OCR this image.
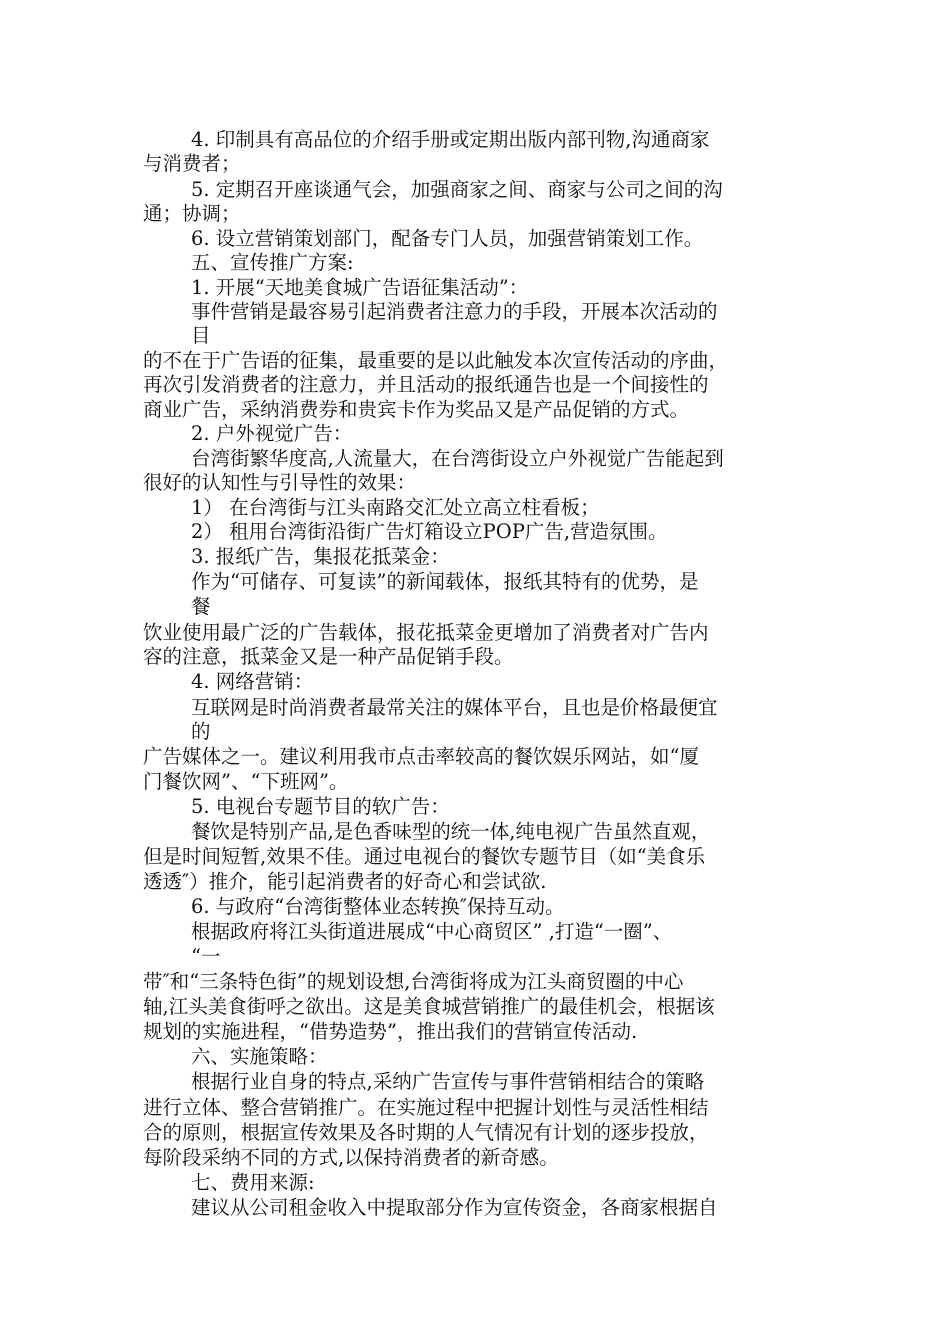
4. 印制具有高品位的介绍手册或定期出版内部刊物,沟通商家

与消费者；

5. 定期召开座谈通气会，加强商家之间、商家与公司之间的沟

通；协调；

6. 设立营销策划部门，配备专门人员，加强营销策划工作。

五、宣传推广方案:

1. 开展“天地美食城广告语征集活动”：

事件营销是最容易引起消费者注意力的手段，开展本次活动的

目

的不在于广告语的征集，最重要的是以此触发本次宣传活动的序曲，

再次引发消费者的注意力，并且活动的报纸通告也是一个间接性的

商业广告，采纳消费券和贵宾卡作为奖品又是产品促销的方式。

2. 户外视觉广告：

台湾街繁华度高,人流量大，在台湾街设立户外视觉广告能起到

很好的认知性与引导性的效果：

1） 在台湾街与江头南路交汇处立高立柱看板；

2） 租用台湾街沿街广告灯箱设立POP广告,营造氛围。

3. 报纸广告，集报花抵菜金：

作为“可储存、可复读”的新闻载体，报纸其特有的优势，是

餐

饮业使用最广泛的广告载体，报花抵菜金更增加了消费者对广告内

容的注意，抵菜金又是一种产品促销手段。

4. 网络营销：

互联网是时尚消费者最常关注的媒体平台，且也是价格最便宜

的

广告媒体之一。建议利用我市点击率较高的餐饮娱乐网站，如“厦

门餐饮网”、“下班网”。

5. 电视台专题节目的软广告：

餐饮是特别产品,是色香味型的统一体,纯电视广告虽然直观，

但是时间短暂,效果不佳。通过电视台的餐饮专题节目（如“美食乐

透透″）推介，能引起消费者的好奇心和尝试欲.

6. 与政府“台湾街整体业态转换″保持互动。

根据政府将江头街道进展成“中心商贸区” ,打造“一圈”、

“一

带″和“三条特色街”的规划设想,台湾街将成为江头商贸圈的中心

轴,江头美食街呼之欲出。这是美食城营销推广的最佳机会，根据该

规划的实施进程，“借势造势”，推出我们的营销宣传活动.

六、实施策略：

根据行业自身的特点,采纳广告宣传与事件营销相结合的策略

进行立体、整合营销推广。在实施过程中把握计划性与灵活性相结

合的原则，根据宣传效果及各时期的人气情况有计划的逐步投放，

每阶段采纳不同的方式,以保持消费者的新奇感。

七、费用来源:

建议从公司租金收入中提取部分作为宣传资金，各商家根据自
